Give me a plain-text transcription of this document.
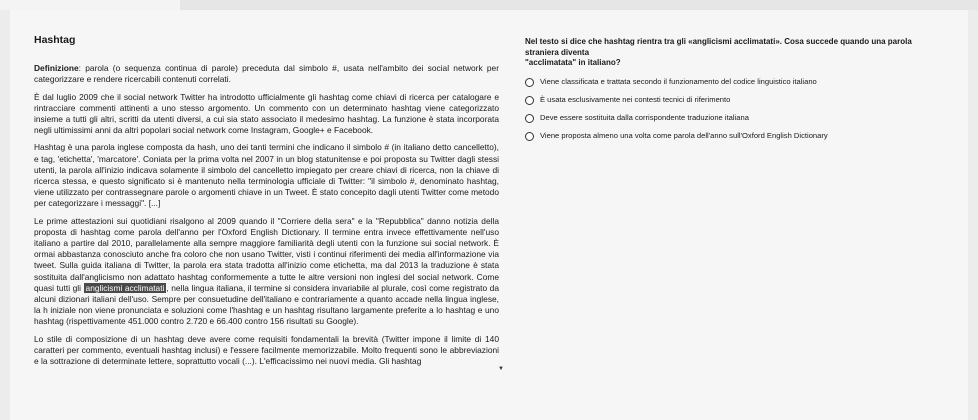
Hashtag

Definizione: parola (o sequenza continua di parole) preceduta dal simbolo #, usata nell'ambito dei social network per categorizzare e rendere ricercabili contenuti correlati.

È dal luglio 2009 che il social network Twitter ha introdotto ufficialmente gli hashtag come chiavi di ricerca per catalogare e rintracciare commenti attinenti a uno stesso argomento. Un commento con un determinato hashtag viene categorizzato insieme a tutti gli altri, scritti da utenti diversi, a cui sia stato associato il medesimo hashtag. La funzione è stata incorporata negli ultimissimi anni da altri popolari social network come Instagram, Google+ e Facebook.

Hashtag è una parola inglese composta da hash, uno dei tanti termini che indicano il simbolo # (in italiano detto cancelletto), e tag, 'etichetta', 'marcatore'. Coniata per la prima volta nel 2007 in un blog statunitense e poi proposta su Twitter dagli stessi utenti, la parola all'inizio indicava solamente il simbolo del cancelletto impiegato per creare chiavi di ricerca, non la chiave di ricerca stessa, e questo significato si è mantenuto nella terminologia ufficiale di Twitter: "il simbolo #, denominato hashtag, viene utilizzato per contrassegnare parole o argomenti chiave in un Tweet. È stato concepito dagli utenti Twitter come metodo per categorizzare i messaggi". [...]

Le prime attestazioni sui quotidiani risalgono al 2009 quando il "Corriere della sera" e la "Repubblica" danno notizia della proposta di hashtag come parola dell'anno per l'Oxford English Dictionary. Il termine entra invece effettivamente nell'uso italiano a partire dal 2010, parallelamente alla sempre maggiore familiarità degli utenti con la funzione sui social network. È ormai abbastanza conosciuto anche fra coloro che non usano Twitter, visti i continui riferimenti dei media all'informazione via tweet. Sulla guida italiana di Twitter, la parola era stata tradotta all'inizio come etichetta, ma dal 2013 la traduzione è stata sostituita dall'anglicismo non adattato hashtag conformemente a tutte le altre versioni non inglesi del social network. Come quasi tutti gli anglicismi acclimatati , nella lingua italiana, il termine si considera invariabile al plurale, così come registrato da alcuni dizionari italiani dell'uso. Sempre per consuetudine dell'italiano e contrariamente a quanto accade nella lingua inglese, la h iniziale non viene pronunciata e soluzioni come l'hashtag e un hashtag risultano largamente preferite a lo hashtag e uno hashtag (rispettivamente 451.000 contro 2.720 e 66.400 contro 156 risultati su Google).

Lo stile di composizione di un hashtag deve avere come requisiti fondamentali la brevità (Twitter impone il limite di 140 caratteri per commento, eventuali hashtag inclusi) e l'essere facilmente memorizzabile. Molto frequenti sono le abbreviazioni e la sottrazione di determinate lettere, soprattutto vocali (...). L'efficacissimo nei nuovi media. Gli hashtag

▼
Nel testo si dice che hashtag rientra tra gli «anglicismi acclimatati». Cosa succede quando una parola straniera diventa
"acclimatata" in italiano?
Viene classificata e trattata secondo il funzionamento del codice linguistico italiano
È usata esclusivamente nei contesti tecnici di riferimento
Deve essere sostituita dalla corrispondente traduzione italiana
Viene proposta almeno una volta come parola dell'anno sull'Oxford English Dictionary
